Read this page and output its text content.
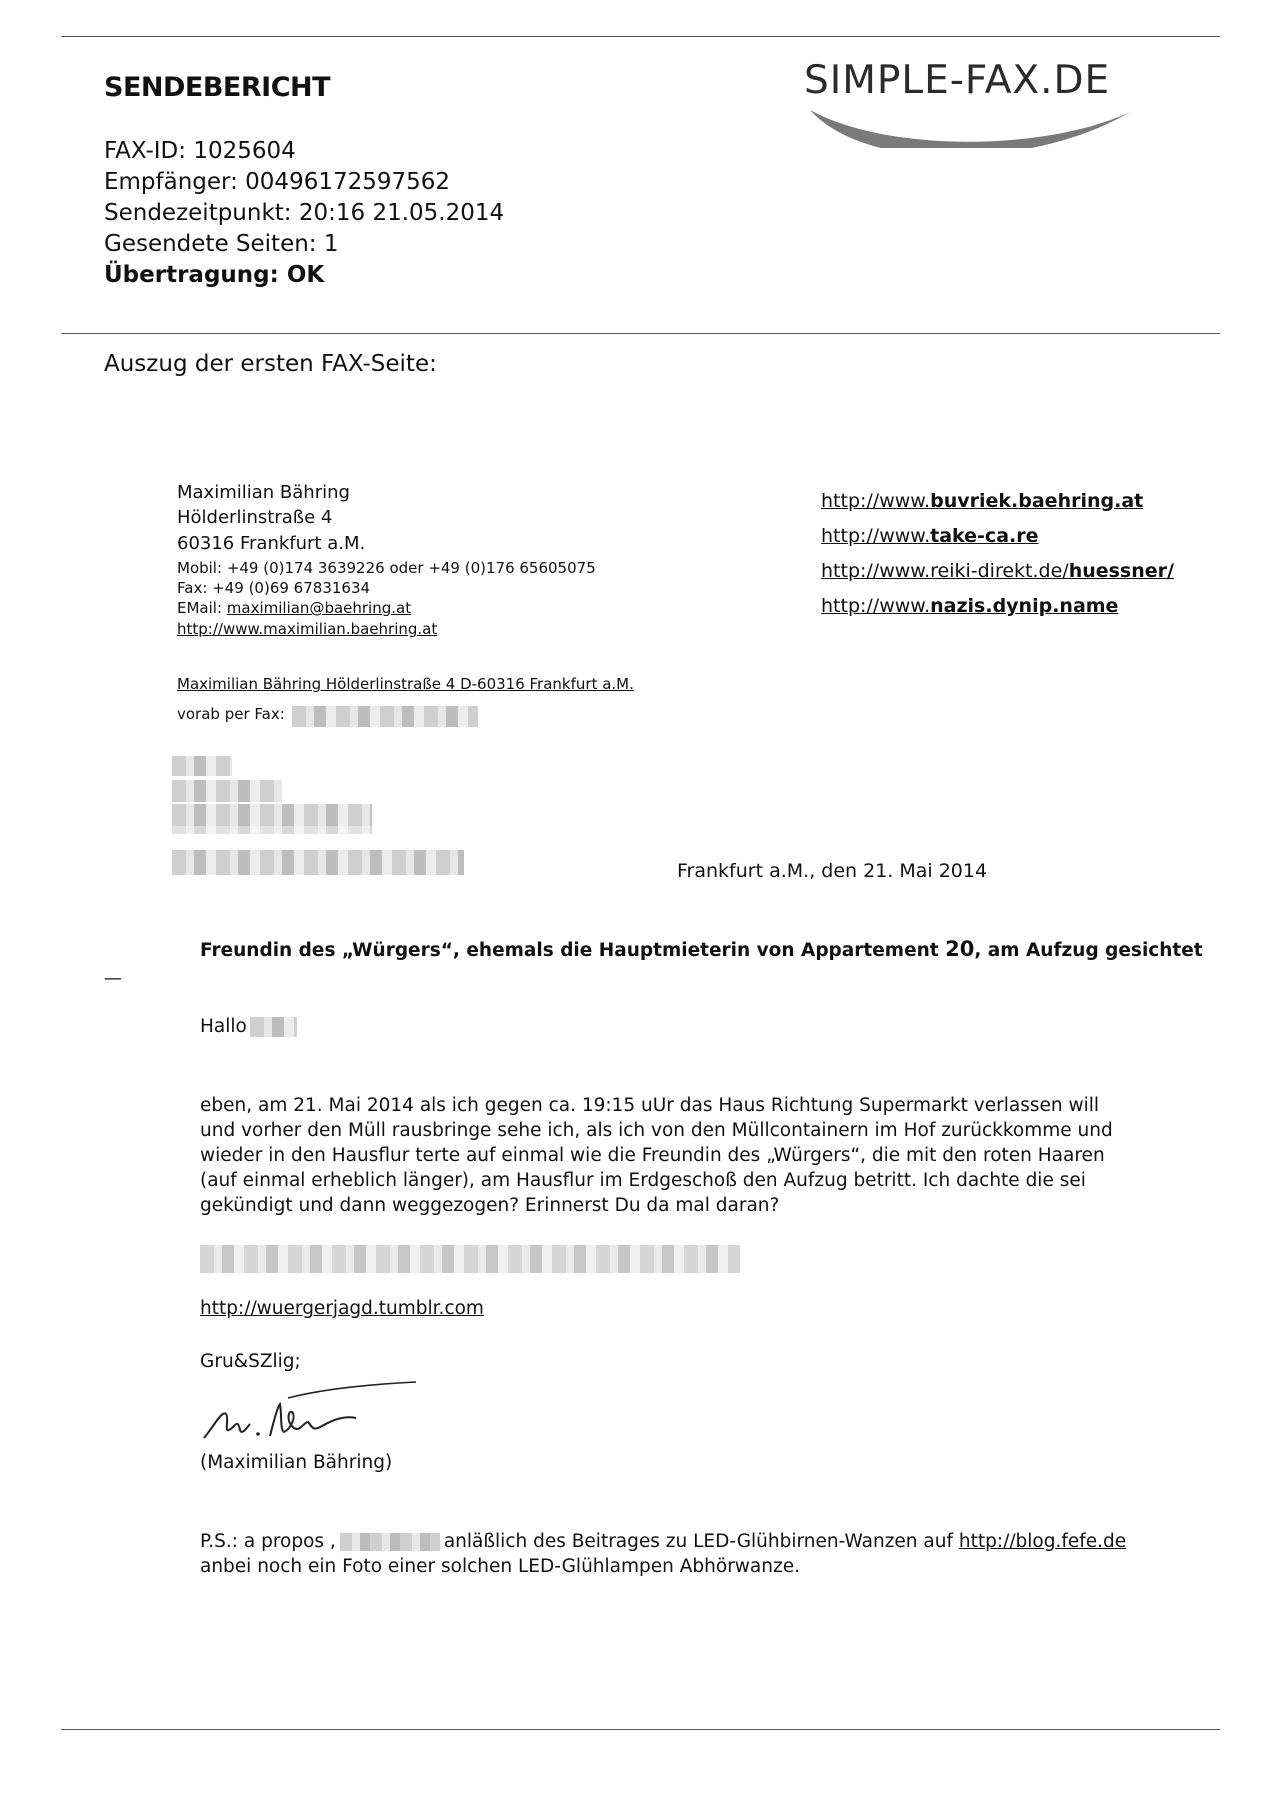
SENDEBERICHT	SIMPLE-FAX.DE
FAX-ID: 1025604
Empfänger: 00496172597562
Sendezeitpunkt: 20:16 21.05.2014
Gesendete Seiten: 1
Übertragung: OK
Auszug der ersten FAX-Seite:
Maximilian Bähring
Hölderlinstraße 4
60316 Frankfurt a.M.
Mobil: +49 (0)174 3639226 oder +49 (0)176 65605075
Fax: +49 (0)69 67831634
EMail: maximilian@baehring.at
http://www.maximilian.baehring.at
http://www.buvriek.baehring.at
http://www.take-ca.re
http://www.reiki-direkt.de/huessner/
http://www.nazis.dynip.name
Maximilian Bähring Hölderlinstraße 4 D-60316 Frankfurt a.M.
vorab per Fax:
Frankfurt a.M., den 21. Mai 2014
Freundin des „Würgers“, ehemals die Hauptmieterin von Appartement 20, am Aufzug gesichtet
—
Hallo
eben, am 21. Mai 2014 als ich gegen ca. 19:15 uUr das Haus Richtung Supermarkt verlassen will
und vorher den Müll rausbringe sehe ich, als ich von den Müllcontainern im Hof zurückkomme und
wieder in den Hausflur terte auf einmal wie die Freundin des „Würgers“, die mit den roten Haaren
(auf einmal erheblich länger), am Hausflur im Erdgeschoß den Aufzug betritt. Ich dachte die sei
gekündigt und dann weggezogen? Erinnerst Du da mal daran?
http://wuergerjagd.tumblr.com
Gru&SZlig;
(Maximilian Bähring)
P.S.: a propos ,	anläßlich des Beitrages zu LED-Glühbirnen-Wanzen auf http://blog.fefe.de
anbei noch ein Foto einer solchen LED-Glühlampen Abhörwanze.
